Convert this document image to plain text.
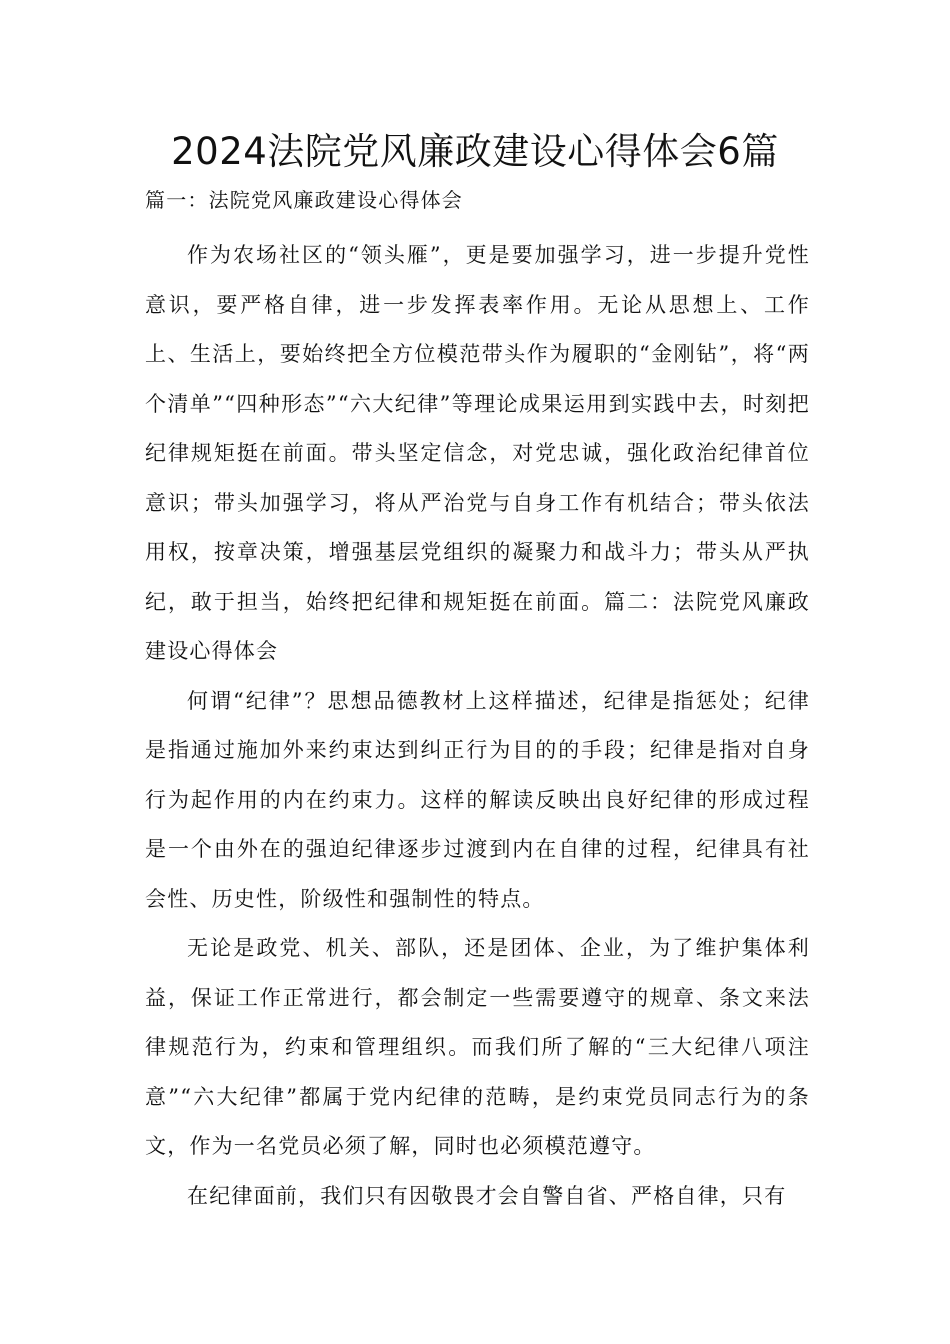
2024法院党风廉政建设心得体会6篇

篇一：法院党风廉政建设心得体会

作为农场社区的“领头雁”，更是要加强学习，进一步提升党性意识，要严格自律，进一步发挥表率作用。无论从思想上、工作上、生活上，要始终把全方位模范带头作为履职的“金刚钻”，将“两个清单”“四种形态”“六大纪律”等理论成果运用到实践中去，时刻把纪律规矩挺在前面。带头坚定信念，对党忠诚，强化政治纪律首位意识；带头加强学习，将从严治党与自身工作有机结合；带头依法用权，按章决策，增强基层党组织的凝聚力和战斗力；带头从严执纪，敢于担当，始终把纪律和规矩挺在前面。篇二：法院党风廉政建设心得体会

何谓“纪律”？思想品德教材上这样描述，纪律是指惩处；纪律是指通过施加外来约束达到纠正行为目的的手段；纪律是指对自身行为起作用的内在约束力。这样的解读反映出良好纪律的形成过程是一个由外在的强迫纪律逐步过渡到内在自律的过程，纪律具有社会性、历史性，阶级性和强制性的特点。

无论是政党、机关、部队，还是团体、企业，为了维护集体利益，保证工作正常进行，都会制定一些需要遵守的规章、条文来法律规范行为，约束和管理组织。而我们所了解的“三大纪律八项注意”“六大纪律”都属于党内纪律的范畴，是约束党员同志行为的条文，作为一名党员必须了解，同时也必须模范遵守。

在纪律面前，我们只有因敬畏才会自警自省、严格自律，只有
